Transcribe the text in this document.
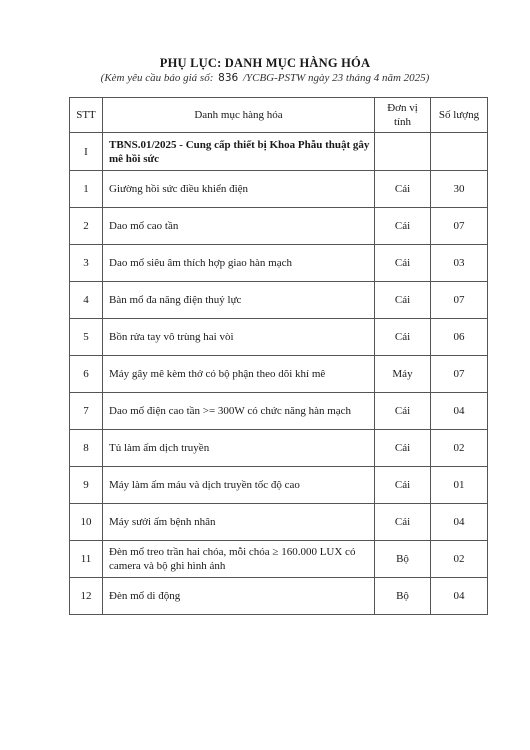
PHỤ LỤC: DANH MỤC HÀNG HÓA
(Kèm yêu cầu báo giá số: 836 /YCBG-PSTW ngày 23 tháng 4 năm 2025)
STT	Danh mục hàng hóa	Đơn vị tính	Số lượng
I	TBNS.01/2025 - Cung cấp thiết bị Khoa Phẫu thuật gây mê hồi sức		
1	Giường hồi sức điều khiển điện	Cái	30
2	Dao mổ cao tần	Cái	07
3	Dao mổ siêu âm thích hợp giao hàn mạch	Cái	03
4	Bàn mổ đa năng điện thuỷ lực	Cái	07
5	Bồn rửa tay vô trùng hai vòi	Cái	06
6	Máy gây mê kèm thở có bộ phận theo dõi khí mê	Máy	07
7	Dao mổ điện cao tần >= 300W có chức năng hàn mạch	Cái	04
8	Tủ làm ấm dịch truyền	Cái	02
9	Máy làm ấm máu và dịch truyền tốc độ cao	Cái	01
10	Máy sưởi ấm bệnh nhân	Cái	04
11	Đèn mổ treo trần hai chóa, mỗi chóa ≥ 160.000 LUX có camera và bộ ghi hình ảnh	Bộ	02
12	Đèn mổ di động	Bộ	04
